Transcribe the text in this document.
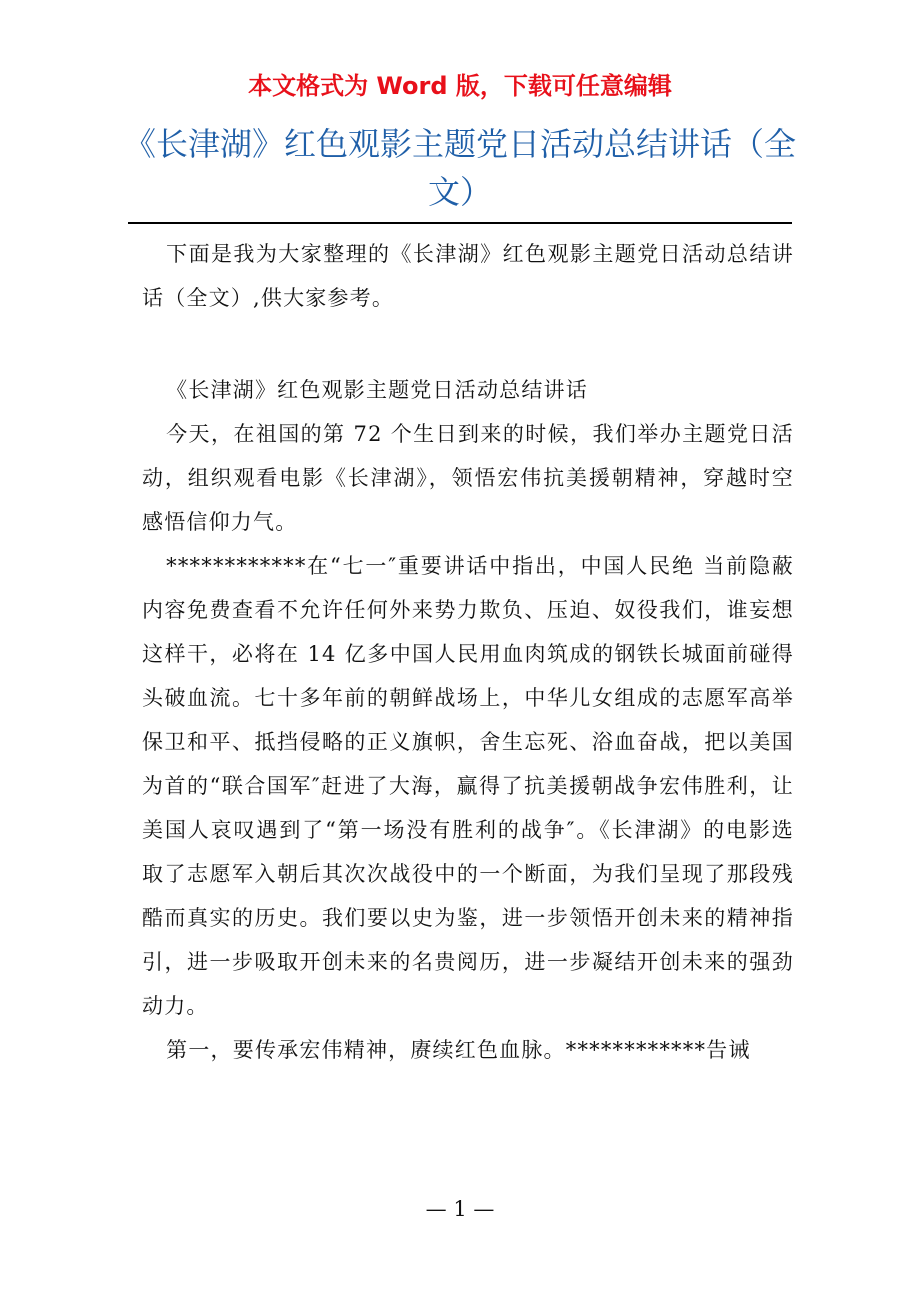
本文格式为 Word 版，下载可任意编辑
《长津湖》红色观影主题党日活动总结讲话（全文）

下面是我为大家整理的《长津湖》红色观影主题党日活动总结讲话（全文）,供大家参考。

《长津湖》红色观影主题党日活动总结讲话

今天，在祖国的第 72 个生日到来的时候，我们举办主题党日活动，组织观看电影《长津湖》，领悟宏伟抗美援朝精神，穿越时空感悟信仰力气。

************在“七一″重要讲话中指出，中国人民绝 当前隐蔽内容免费查看不允许任何外来势力欺负、压迫、奴役我们，谁妄想这样干，必将在 14 亿多中国人民用血肉筑成的钢铁长城面前碰得头破血流。七十多年前的朝鲜战场上，中华儿女组成的志愿军高举保卫和平、抵挡侵略的正义旗帜，舍生忘死、浴血奋战，把以美国为首的“联合国军″赶进了大海，赢得了抗美援朝战争宏伟胜利，让美国人哀叹遇到了“第一场没有胜利的战争″。《长津湖》的电影选取了志愿军入朝后其次次战役中的一个断面，为我们呈现了那段残酷而真实的历史。我们要以史为鉴，进一步领悟开创未来的精神指引，进一步吸取开创未来的名贵阅历，进一步凝结开创未来的强劲动力。

第一，要传承宏伟精神，赓续红色血脉。************告诫

— 1 —
